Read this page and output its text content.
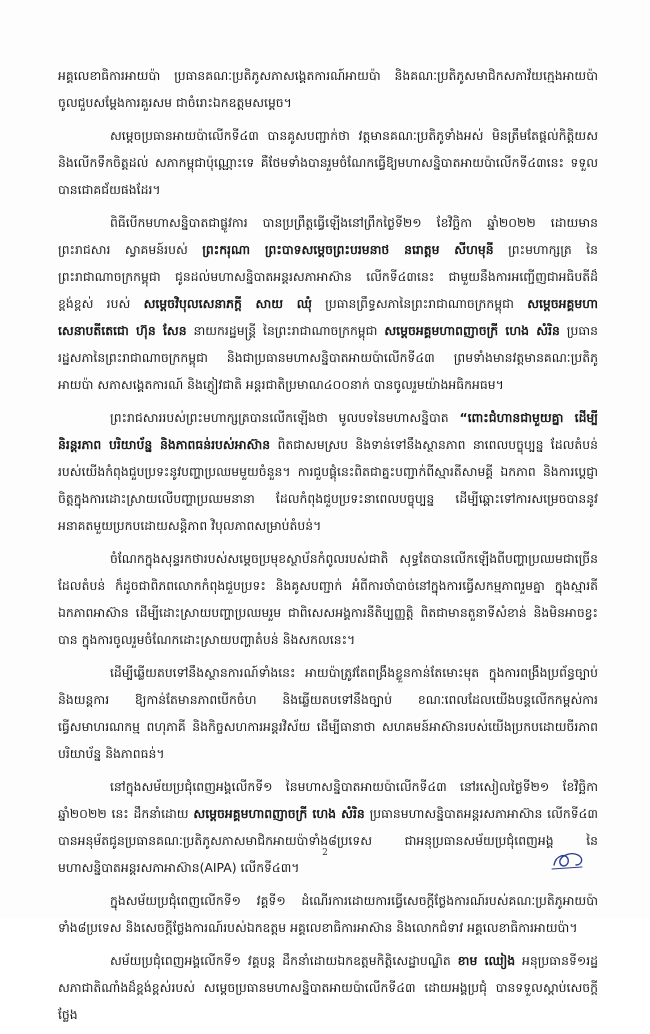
អគ្គលេខាធិការអាយប៉ា ប្រធានគណៈប្រតិភូសភាសង្គេតការណ៍អាយប៉ា និងគណៈប្រតិភូសមាជិកសភាវ័យក្មេងអាយប៉ា ចូលជួបសម្តែងការគួរសម ជាចំរោះឯកឧត្តមសម្តេច។

សម្តេចប្រធានអាយប៉ាលើកទី៤៣ បានគូសបញ្ជាក់ថា វត្តមានគណៈប្រតិភូទាំងអស់ មិនត្រឹមតែផ្តល់កិត្តិយស និងលើកទឹកចិត្តដល់ សភាកម្ពុជាប៉ុណ្ណោះទេ គឺថែមទាំងបានរួមចំណែកធ្វើឱ្យមហាសន្និបាតអាយប៉ាលើកទី៤៣នេះ ទទួលបានជោគជ័យផងដែរ។

ពិធីបើកមហាសន្និបាតជាផ្លូវការ បានប្រព្រឹត្តធ្វើឡើងនៅព្រឹកថ្ងៃទី២១ ខែវិច្ឆិកា ឆ្នាំ២០២២ ដោយមានព្រះរាជសារ ស្វាគមន៍របស់ ព្រះករុណា ព្រះបាទសម្តេចព្រះបរមនាថ នរោត្តម សីហមុនី ព្រះមហាក្សត្រ នៃព្រះរាជាណាចក្រកម្ពុជា ជូនដល់មហាសន្និបាតអន្តរសភាអាស៊ាន លើកទី៤៣នេះ ជាមួយនឹងការអញ្ជើញជាអធិបតីដ៏ខ្ពង់ខ្ពស់ របស់ សម្តេចវិបុលសេនាភក្តី សាយ ឈុំ ប្រធានព្រឹទ្ធសភានៃព្រះរាជាណាចក្រកម្ពុជា សម្តេចអគ្គមហាសេនាបតីតេជោ ហ៊ុន សែន នាយករដ្ឋមន្ត្រី នៃព្រះរាជាណាចក្រកម្ពុជា សម្តេចអគ្គមហាពញាចក្រី ហេង សំរិន ប្រធានរដ្ឋសភានៃព្រះរាជាណាចក្រកម្ពុជា និងជាប្រធានមហាសន្និបាតអាយប៉ាលើកទី៤៣ ព្រមទាំងមានវត្តមានគណៈប្រតិភូអាយប៉ា សភាសង្គេតការណ៍ និងភ្ញៀវជាតិ អន្តរជាតិប្រមាណ៤០០នាក់ បានចូលរួមយ៉ាងអធិកអធម។

ព្រះរាជសាររបស់ព្រះមហាក្សត្របានលើកឡើងថា មូលបទនៃមហាសន្និបាត “ពោះជំហានជាមួយគ្នា ដើម្បីនិរន្តរភាព បរិយាប័ន្ន និងភាពធន់របស់អាស៊ាន ពិតជាសមស្រប និងទាន់ទៅនឹងស្ថានភាព នាពេលបច្ចុប្បន្ន ដែលតំបន់របស់យើងកំពុងជួបប្រទះនូវបញ្ហាប្រឈមមួយចំនួន។ ការជួបផ្តុំនេះពិតជាគ្នះបញ្ជាក់ពីស្មារតីសាមគ្គី ឯកភាព និងការប្តេជ្ញាចិត្តក្នុងការដោះស្រាយលើបញ្ហាប្រឈមនានា ដែលកំពុងជួបប្រទះនាពេលបច្ចុប្បន្ន ដើម្បីឆ្ពោះទៅការសម្រេចបាននូវអនាគតមួយប្រកបដោយសន្តិភាព វិបុលភាពសម្រាប់តំបន់។

ចំណែកក្នុងសុន្ទរកថារបស់សម្តេចប្រមុខស្ថាប័នកំពូលរបស់ជាតិ សុទ្ធតែបានលើកឡើងពីបញ្ហាប្រឈមជាច្រើន ដែលតំបន់ ក៏ដូចជាពិភពលោកកំពុងជួបប្រទះ និងគូសបញ្ជាក់ អំពីការចាំបាច់នៅក្នុងការធ្វើសកម្មភាពរួមគ្នា ក្នុងស្មារតីឯកភាពអាស៊ាន ដើម្បីដោះស្រាយបញ្ហាប្រឈមរួម ជាពិសេសអង្គការនីតិប្បញ្ញត្តិ ពិតជាមានតួនាទីសំខាន់ និងមិនអាចខ្វះបាន ក្នុងការចូលរួមចំណែកដោះស្រាយបញ្ហាតំបន់ និងសកលនេះ។

ដើម្បីឆ្លើយតបទៅនឹងស្ថានការណ៍ទាំងនេះ អាយប៉ាត្រូវតែពង្រឹងខ្លួនកាន់តែមោះមុត ក្នុងការពង្រឹងប្រព័ន្ធច្បាប់ និងយន្តការ ឱ្យកាន់តែមានភាពបើកចំហ និងឆ្លើយតបទៅនឹងច្បាប់ ខណៈពេលដែលយើងបន្តលើកកម្ពស់ការធ្វើសមាហរណកម្ម ពហុភាគី និងកិច្ចសហការអន្តរវិស័យ ដើម្បីធានាថា សហគមន៍អាស៊ានរបស់យើងប្រកបដោយចីរភាព បរិយាប័ន្ន និងភាពធន់។

នៅក្នុងសម័យប្រជុំពេញអង្គលើកទី១ នៃមហាសន្និបាតអាយប៉ាលើកទី៤៣ នៅរសៀលថ្ងៃទី២១ ខែវិច្ឆិកា ឆ្នាំ២០២២ នេះ ដឹកនាំដោយ សម្តេចអគ្គមហាពញាចក្រី ហេង សំរិន ប្រធានមហាសន្និបាតអន្តរសភាអាស៊ាន លើកទី៤៣ បានអនុម័តជូនប្រធានគណៈប្រតិភូសភាសមាជិកអាយប៉ាទាំង៨ប្រទេស ជាអនុប្រធានសម័យប្រជុំពេញអង្គ នៃមហាសន្និបាតអន្តរសភាអាស៊ាន(AIPA) លើកទី៤៣។

ក្នុងសម័យប្រជុំពេញលើកទី១ វគ្គទី១ ដំណើរការដោយការធ្វើសេចក្តីថ្លែងការណ៍របស់គណៈប្រតិភូអាយប៉ាទាំង៨ប្រទេស និងសេចក្តីថ្លែងការណ៍របស់ឯកឧត្តម អគ្គលេខាធិការអាស៊ាន និងលោកជំទាវ អគ្គលេខាធិការអាយប៉ា។

សម័យប្រជុំពេញអង្គលើកទី១ វគ្គបន្ត ដឹកនាំដោយឯកឧត្តមកិត្តិសេដ្ឋាបណ្ឌិត ខាម ឈៀង អនុប្រធានទី១រដ្ឋសភាជាតិណាំងដ៏ខ្ពង់ខ្ពស់របស់ សម្តេចប្រធានមហាសន្និបាតអាយប៉ាលើកទី៤៣ ដោយអង្គប្រជុំ បានទទួលស្តាប់សេចក្តីថ្លែង

2
